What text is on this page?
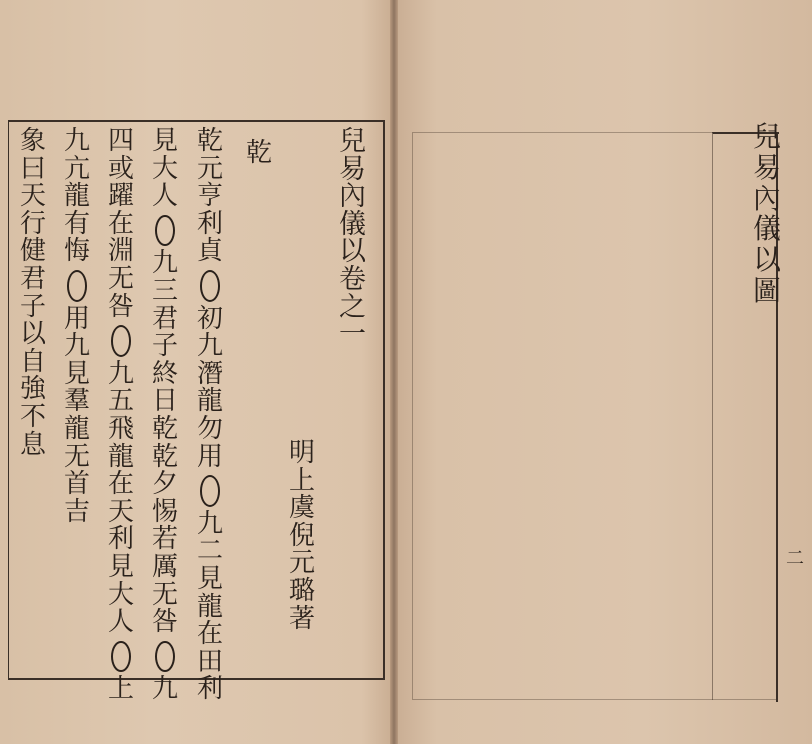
兒
易
內
儀
以
卷
之
一
乾
明
上
虞
倪
元
璐
著
乾
元
亨
利
貞
初
九
潛
龍
勿
用
九
二
見
龍
在
田
利
見
大
人
九
三
君
子
終
日
乾
乾
夕
惕
若
厲
无
咎
九
四
或
躍
在
淵
无
咎
九
五
飛
龍
在
天
利
見
大
人
上
九
亢
龍
有
悔
用
九
見
羣
龍
无
首
吉
象
曰
天
行
健
君
子
以
自
強
不
息
兒
易
內
儀
以
圖
二
